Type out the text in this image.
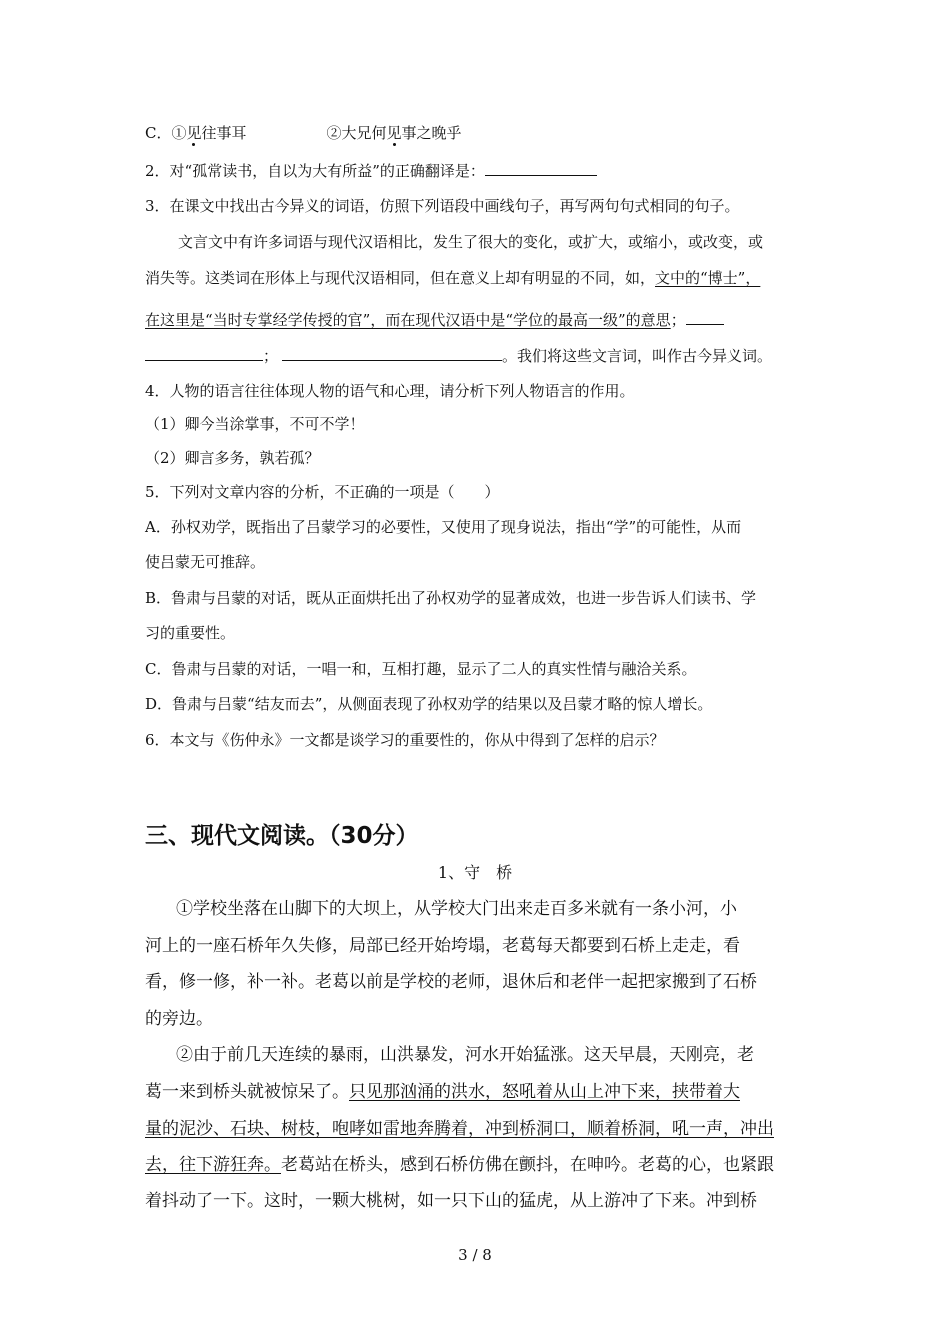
C．①见往事耳	②大兄何见事之晚乎
2．对“孤常读书，自以为大有所益”的正确翻译是：
3．在课文中找出古今异义的词语，仿照下列语段中画线句子，再写两句句式相同的句子。
文言文中有许多词语与现代汉语相比，发生了很大的变化，或扩大，或缩小，或改变，或
消失等。这类词在形体上与现代汉语相同，但在意义上却有明显的不同，如，文中的“博士”，
在这里是“当时专掌经学传授的官”，而在现代汉语中是“学位的最高一级”的意思；
；	。我们将这些文言词，叫作古今异义词。
4．人物的语言往往体现人物的语气和心理，请分析下列人物语言的作用。
（1）卿今当涂掌事，不可不学！
（2）卿言多务，孰若孤？
5．下列对文章内容的分析，不正确的一项是（　　）
A．孙权劝学，既指出了吕蒙学习的必要性，又使用了现身说法，指出“学”的可能性，从而
使吕蒙无可推辞。
B．鲁肃与吕蒙的对话，既从正面烘托出了孙权劝学的显著成效，也进一步告诉人们读书、学
习的重要性。
C．鲁肃与吕蒙的对话，一唱一和，互相打趣，显示了二人的真实性情与融洽关系。
D．鲁肃与吕蒙“结友而去”，从侧面表现了孙权劝学的结果以及吕蒙才略的惊人增长。
6．本文与《伤仲永》一文都是谈学习的重要性的，你从中得到了怎样的启示？
三、现代文阅读。（30分）
1、守　桥
①学校坐落在山脚下的大坝上，从学校大门出来走百多米就有一条小河，小
河上的一座石桥年久失修，局部已经开始垮塌，老葛每天都要到石桥上走走，看
看，修一修，补一补。老葛以前是学校的老师，退休后和老伴一起把家搬到了石桥
的旁边。
②由于前几天连续的暴雨，山洪暴发，河水开始猛涨。这天早晨，天刚亮，老
葛一来到桥头就被惊呆了。只见那汹涌的洪水，怒吼着从山上冲下来，挟带着大
量的泥沙、石块、树枝，咆哮如雷地奔腾着，冲到桥洞口，顺着桥洞，吼一声，冲出
去，往下游狂奔。老葛站在桥头，感到石桥仿佛在颤抖，在呻吟。老葛的心，也紧跟
着抖动了一下。这时，一颗大桃树，如一只下山的猛虎，从上游冲了下来。冲到桥
3 / 8
